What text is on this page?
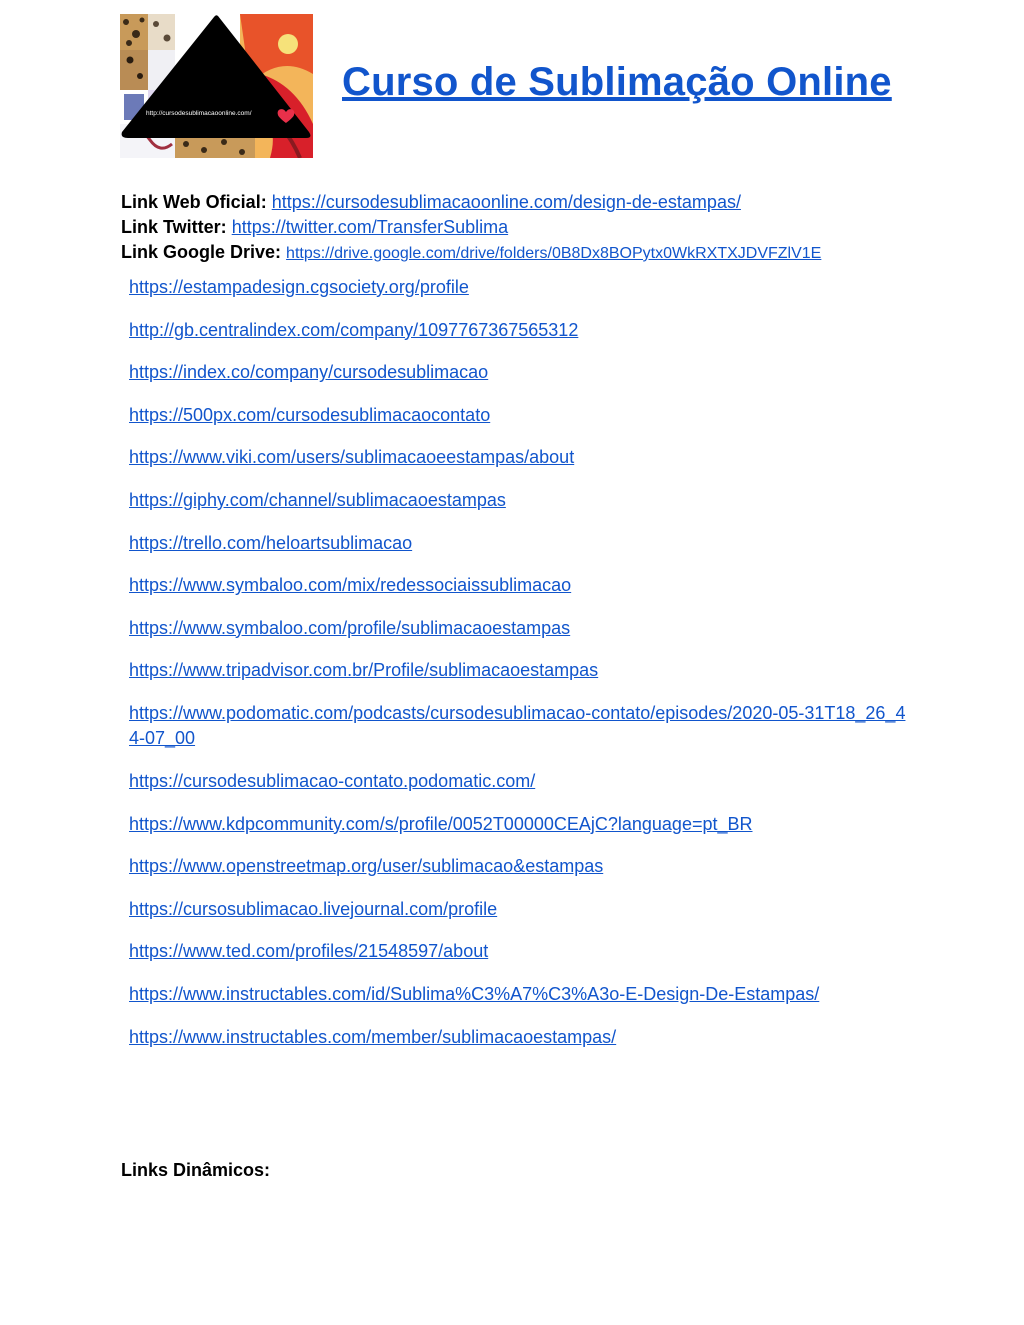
http://cursodesublimacaoonline.com/
Curso de Sublimação Online
Link Web Oficial: https://cursodesublimacaoonline.com/design-de-estampas/
Link Twitter: https://twitter.com/TransferSublima
Link Google Drive: https://drive.google.com/drive/folders/0B8Dx8BOPytx0WkRXTXJDVFZlV1E
https://estampadesign.cgsociety.org/profile
http://gb.centralindex.com/company/1097767367565312
https://index.co/company/cursodesublimacao
https://500px.com/cursodesublimacaocontato
https://www.viki.com/users/sublimacaoeestampas/about
https://giphy.com/channel/sublimacaoestampas
https://trello.com/heloartsublimacao
https://www.symbaloo.com/mix/redessociaissublimacao
https://www.symbaloo.com/profile/sublimacaoestampas
https://www.tripadvisor.com.br/Profile/sublimacaoestampas
https://www.podomatic.com/podcasts/cursodesublimacao-contato/episodes/2020-05-31T18_26_44-07_00
https://cursodesublimacao-contato.podomatic.com/
https://www.kdpcommunity.com/s/profile/0052T00000CEAjC?language=pt_BR
https://www.openstreetmap.org/user/sublimacao&estampas
https://cursosublimacao.livejournal.com/profile
https://www.ted.com/profiles/21548597/about
https://www.instructables.com/id/Sublima%C3%A7%C3%A3o-E-Design-De-Estampas/
https://www.instructables.com/member/sublimacaoestampas/
Links Dinâmicos:
